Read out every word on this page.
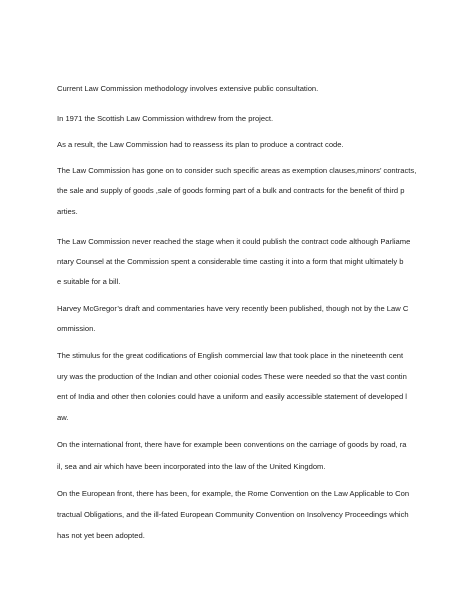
Current Law Commission methodology involves extensive public consultation.

In 1971 the Scottish Law Commission withdrew from the project.

As a result, the Law Commission had to reassess its plan to produce a contract code.

The Law Commission has gone on to consider such specific areas as exemption clauses,minors’ contracts,

the sale and supply of goods ,sale of goods forming part of a bulk and contracts for the benefit of third p

arties.

The Law Commission never reached the stage when it could publish the contract code although Parliame

ntary Counsel at the Commission spent a considerable time casting it into a form that might ultimately b

e suitable for a bill.

Harvey McGregor’s draft and commentaries have very recently been published, though not by the Law C

ommission.

The stimulus for the great codifications of English commercial law that took place in the nineteenth cent

ury was the production of the Indian and other coionial codes These were needed so that the vast contin

ent of India and other then colonies could have a uniform and easily accessible statement of developed l

aw.

On the international front, there have for example been conventions on the carriage of goods by road, ra

il, sea and air which have been incorporated into the law of the United Kingdom.

On the European front, there has been, for example, the Rome Convention on the Law Applicable to Con

tractual Obligations, and the ill-fated European Community Convention on Insolvency Proceedings which

has not yet been adopted.
